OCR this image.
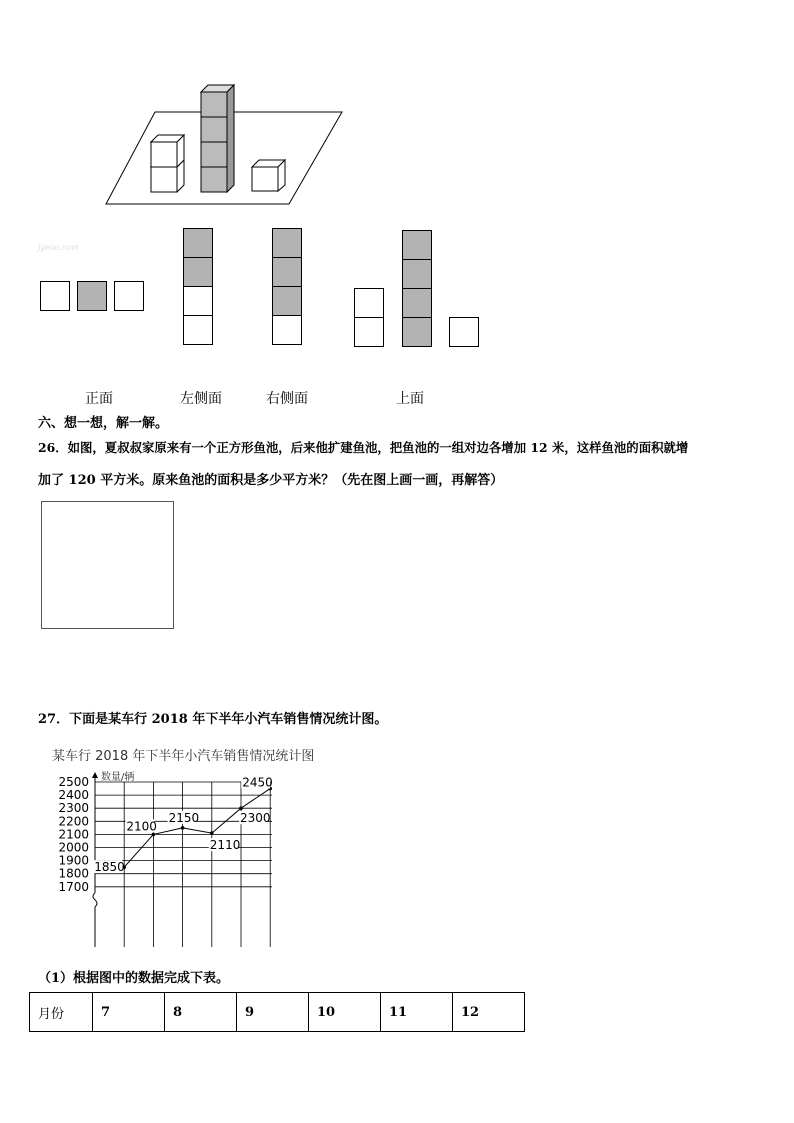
jyeoo.com
正面	左侧面	右侧面	上面
六、想一想，解一解。
26．如图，夏叔叔家原来有一个正方形鱼池，后来他扩建鱼池，把鱼池的一组对边各增加 12 米，这样鱼池的面积就增
加了 120 平方米。原来鱼池的面积是多少平方米？（先在图上画一画，再解答）
27．下面是某车行 2018 年下半年小汽车销售情况统计图。
某车行 2018 年下半年小汽车销售情况统计图
2500
2400
2300
2200
2100
2000
1900
1800
1700
数量/辆
1850
2100
2150
2110
2300
2450
（1）根据图中的数据完成下表。
月份	7	8	9	10	11	12
